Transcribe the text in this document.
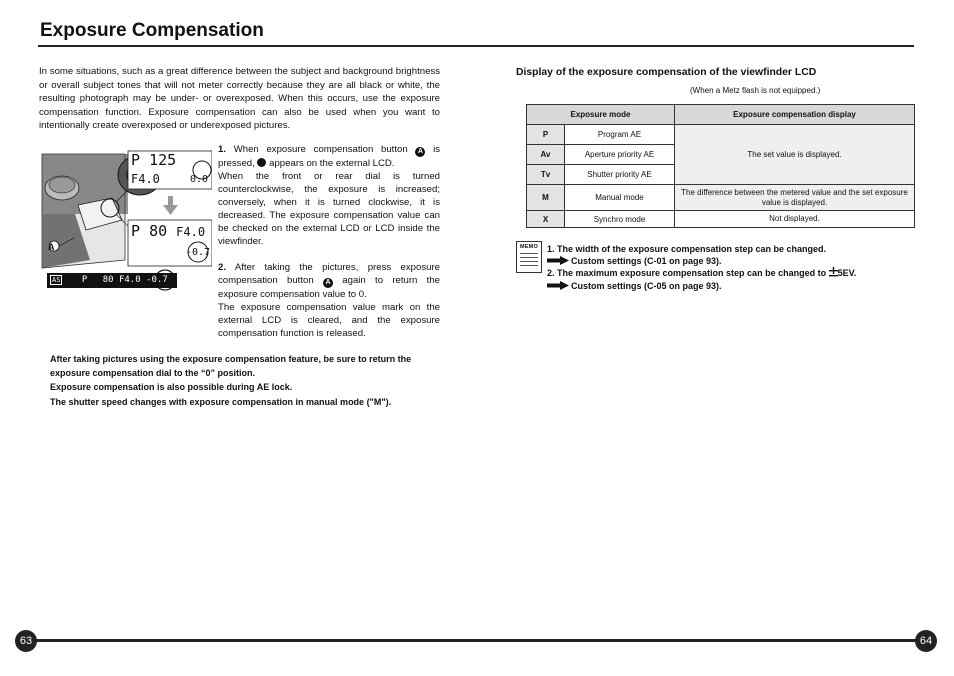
Exposure Compensation

In some situations, such as a great difference between the subject and background brightness or overall subject tones that will not meter correctly because they are all black or white, the resulting photograph may be under- or overexposed. When this occurs, use the exposure compensation function. Exposure compensation can also be used when you want to intentionally create overexposed or underexposed pictures.

P 125 F4.0	0.0
P 80 F4.0
-0.7
A
AS P 80 F4.0 -0.7

1. When exposure compensation button A is pressed, appears on the external LCD.

When the front or rear dial is turned counterclockwise, the exposure is increased; conversely, when it is turned clockwise, it is decreased. The exposure compensation value can be checked on the external LCD or LCD inside the viewfinder.

2. After taking the pictures, press exposure compensation button A again to return the exposure compensation value to 0.

The exposure compensation value mark on the external LCD is cleared, and the exposure compensation function is released.

After taking pictures using the exposure compensation feature, be sure to return the exposure compensation dial to the “0” position.

Exposure compensation is also possible during AE lock.

The shutter speed changes with exposure compensation in manual mode ("M").

Display of the exposure compensation of the viewfinder LCD
(When a Metz flash is not equipped.)
Exposure mode		Exposure compensation display
P	Program AE	The set value is displayed.
Av	Aperture priority AE	
Tv	Shutter priority AE	
M	Manual mode	The difference between the metered value and the set exposure value is displayed.
X	Synchro mode	Not displayed.
MEMO	1. The width of the exposure compensation step can be changed.
Custom settings (C-01 on page 93).
2. The maximum exposure compensation step can be changed to 5EV.
Custom settings (C-05 on page 93).
63	64
